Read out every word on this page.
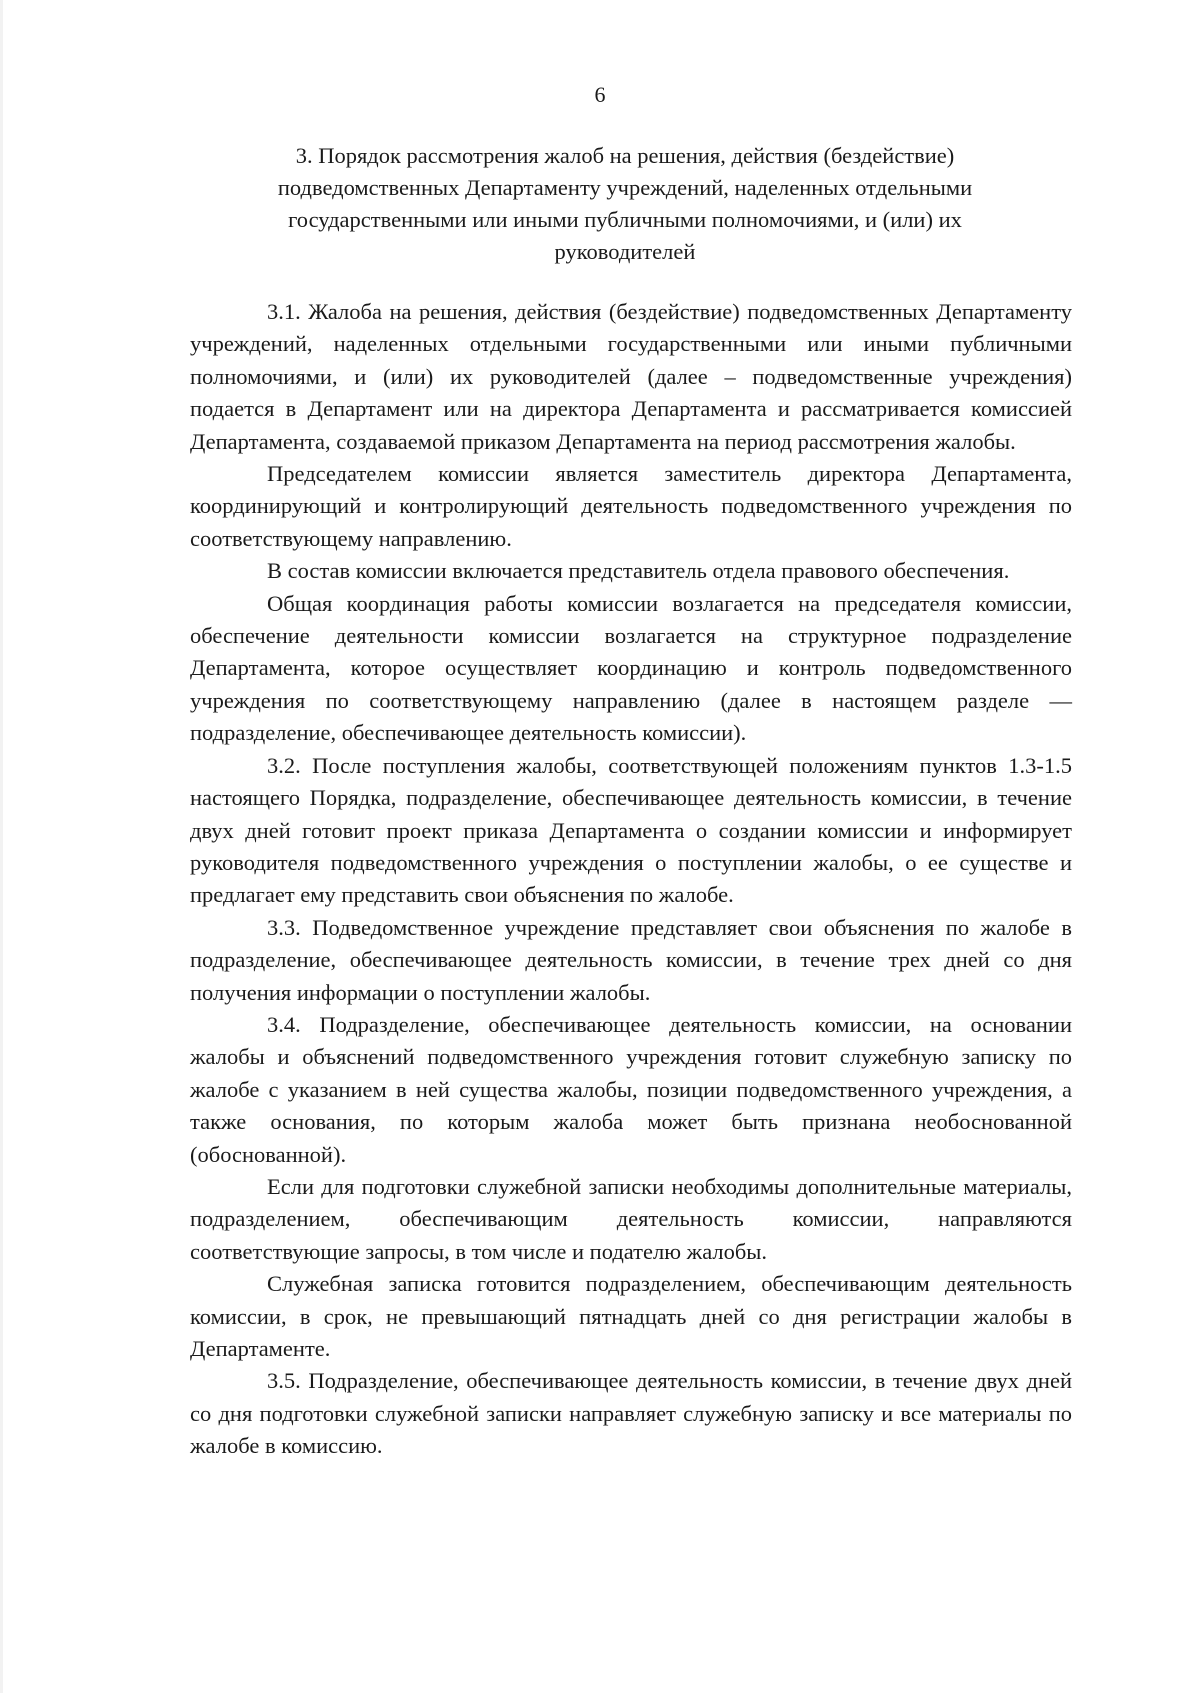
6
3. Порядок рассмотрения жалоб на решения, действия (бездействие)
подведомственных Департаменту учреждений, наделенных отдельными
государственными или иными публичными полномочиями, и (или) их
руководителей

3.1. Жалоба на решения, действия (бездействие) подведомственных Департаменту учреждений, наделенных отдельными государственными или иными публичными полномочиями, и (или) их руководителей (далее – подведомственные учреждения) подается в Департамент или на директора Департамента и рассматривается комиссией Департамента, создаваемой приказом Департамента на период рассмотрения жалобы.

Председателем комиссии является заместитель директора Департамента, координирующий и контролирующий деятельность подведомственного учреждения по соответствующему направлению.

В состав комиссии включается представитель отдела правового обеспечения.

Общая координация работы комиссии возлагается на председателя комиссии, обеспечение деятельности комиссии возлагается на структурное подразделение Департамента, которое осуществляет координацию и контроль подведомственного учреждения по соответствующему направлению (далее в настоящем разделе — подразделение, обеспечивающее деятельность комиссии).

3.2. После поступления жалобы, соответствующей положениям пунктов 1.3-1.5 настоящего Порядка, подразделение, обеспечивающее деятельность комиссии, в течение двух дней готовит проект приказа Департамента о создании комиссии и информирует руководителя подведомственного учреждения о поступлении жалобы, о ее существе и предлагает ему представить свои объяснения по жалобе.

3.3. Подведомственное учреждение представляет свои объяснения по жалобе в подразделение, обеспечивающее деятельность комиссии, в течение трех дней со дня получения информации о поступлении жалобы.

3.4. Подразделение, обеспечивающее деятельность комиссии, на основании жалобы и объяснений подведомственного учреждения готовит служебную записку по жалобе с указанием в ней существа жалобы, позиции подведомственного учреждения, а также основания, по которым жалоба может быть признана необоснованной (обоснованной).

Если для подготовки служебной записки необходимы дополнительные материалы, подразделением, обеспечивающим деятельность комиссии, направляются соответствующие запросы, в том числе и подателю жалобы.

Служебная записка готовится подразделением, обеспечивающим деятельность комиссии, в срок, не превышающий пятнадцать дней со дня регистрации жалобы в Департаменте.

3.5. Подразделение, обеспечивающее деятельность комиссии, в течение двух дней со дня подготовки служебной записки направляет служебную записку и все материалы по жалобе в комиссию.
